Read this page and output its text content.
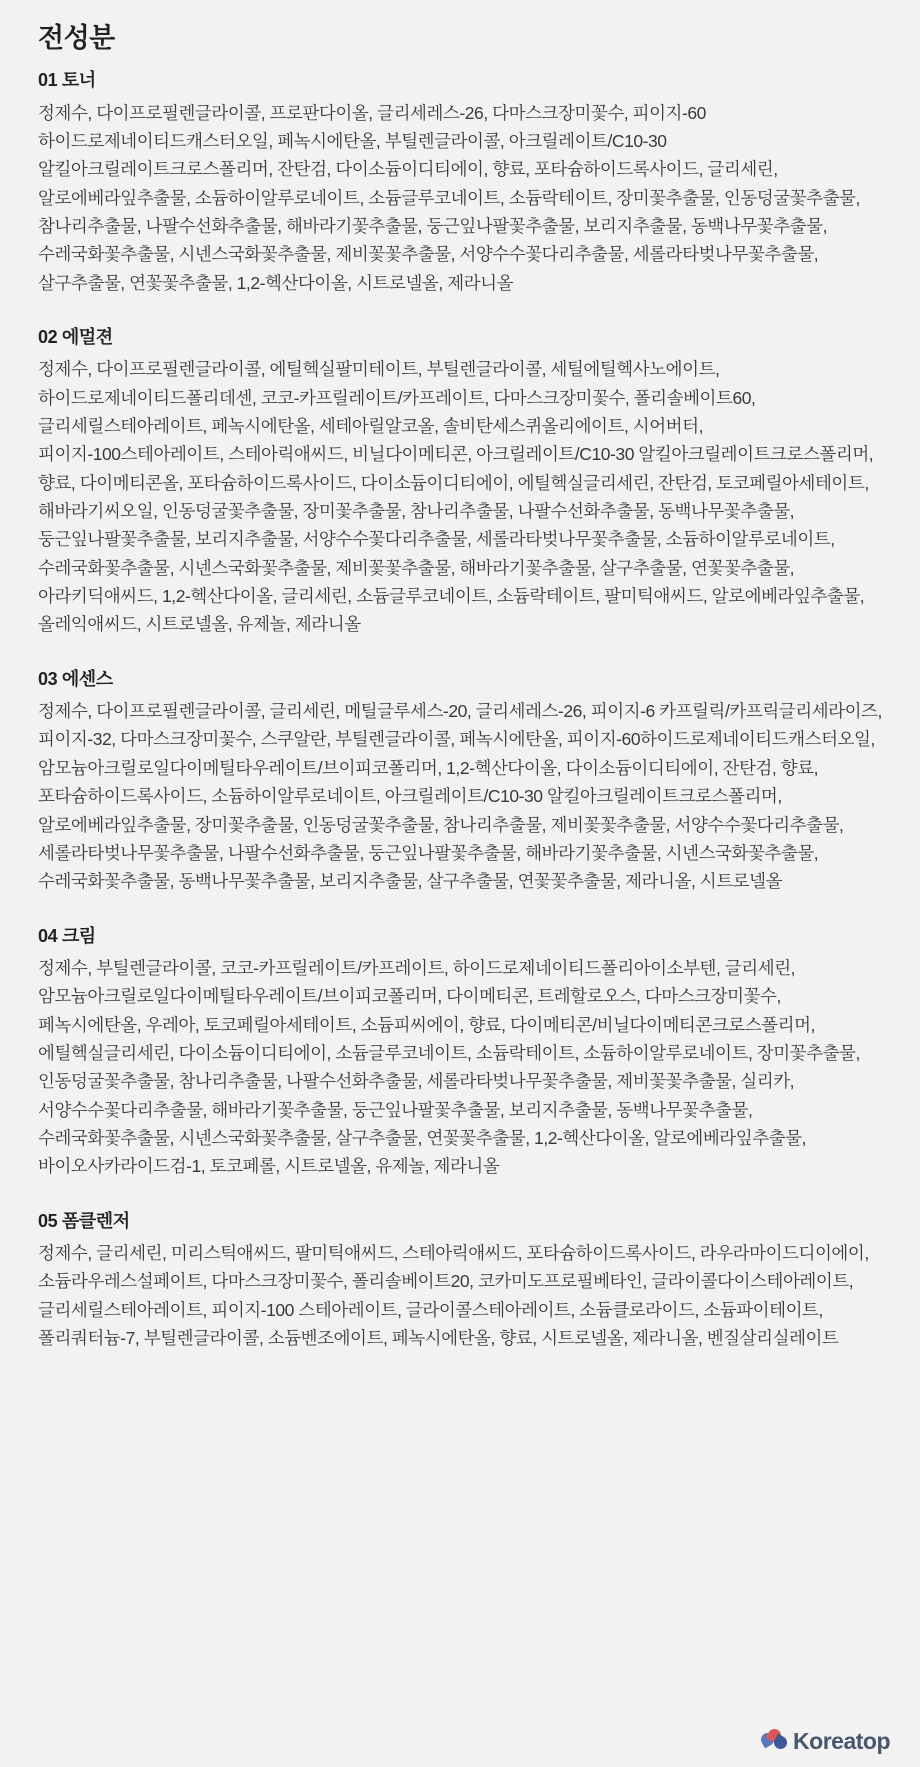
전성분
01 토너

정제수, 다이프로필렌글라이콜, 프로판다이올, 글리세레스-26, 다마스크장미꽃수, 피이지-60 하이드로제네이티드캐스터오일, 페녹시에탄올, 부틸렌글라이콜, 아크릴레이트/C10-30 알킬아크릴레이트크로스폴리머, 잔탄검, 다이소듐이디티에이, 향료, 포타슘하이드록사이드, 글리세린, 알로에베라잎추출물, 소듐하이알루로네이트, 소듐글루코네이트, 소듐락테이트, 장미꽃추출물, 인동덩굴꽃추출물, 참나리추출물, 나팔수선화추출물, 해바라기꽃추출물, 둥근잎나팔꽃추출물, 보리지추출물, 동백나무꽃추출물, 수레국화꽃추출물, 시넨스국화꽃추출물, 제비꽃꽃추출물, 서양수수꽃다리추출물, 세롤라타벚나무꽃추출물, 살구추출물, 연꽃꽃추출물, 1,2-헥산다이올, 시트로넬올, 제라니올

02 에멀젼

정제수, 다이프로필렌글라이콜, 에틸헥실팔미테이트, 부틸렌글라이콜, 세틸에틸헥사노에이트, 하이드로제네이티드폴리데센, 코코-카프릴레이트/카프레이트, 다마스크장미꽃수, 폴리솔베이트60, 글리세릴스테아레이트, 페녹시에탄올, 세테아릴알코올, 솔비탄세스퀴올리에이트, 시어버터, 피이지-100스테아레이트, 스테아릭애씨드, 비닐다이메티콘, 아크릴레이트/C10-30 알킬아크릴레이트크로스폴리머, 향료, 다이메티콘올, 포타슘하이드록사이드, 다이소듐이디티에이, 에틸헥실글리세린, 잔탄검, 토코페릴아세테이트, 해바라기씨오일, 인동덩굴꽃추출물, 장미꽃추출물, 참나리추출물, 나팔수선화추출물, 동백나무꽃추출물, 둥근잎나팔꽃추출물, 보리지추출물, 서양수수꽃다리추출물, 세롤라타벚나무꽃추출물, 소듐하이알루로네이트, 수레국화꽃추출물, 시넨스국화꽃추출물, 제비꽃꽃추출물, 해바라기꽃추출물, 살구추출물, 연꽃꽃추출물, 아라키딕애씨드, 1,2-헥산다이올, 글리세린, 소듐글루코네이트, 소듐락테이트, 팔미틱애씨드, 알로에베라잎추출물, 올레익애씨드, 시트로넬올, 유제놀, 제라니올

03 에센스

정제수, 다이프로필렌글라이콜, 글리세린, 메틸글루세스-20, 글리세레스-26, 피이지-6 카프릴릭/카프릭글리세라이즈, 피이지-32, 다마스크장미꽃수, 스쿠알란, 부틸렌글라이콜, 페녹시에탄올, 피이지-60하이드로제네이티드캐스터오일, 암모늄아크릴로일다이메틸타우레이트/브이피코폴리머, 1,2-헥산다이올, 다이소듐이디티에이, 잔탄검, 향료, 포타슘하이드록사이드, 소듐하이알루로네이트, 아크릴레이트/C10-30 알킬아크릴레이트크로스폴리머, 알로에베라잎추출물, 장미꽃추출물, 인동덩굴꽃추출물, 참나리추출물, 제비꽃꽃추출물, 서양수수꽃다리추출물, 세롤라타벚나무꽃추출물, 나팔수선화추출물, 둥근잎나팔꽃추출물, 해바라기꽃추출물, 시넨스국화꽃추출물, 수레국화꽃추출물, 동백나무꽃추출물, 보리지추출물, 살구추출물, 연꽃꽃추출물, 제라니올, 시트로넬올

04 크림

정제수, 부틸렌글라이콜, 코코-카프릴레이트/카프레이트, 하이드로제네이티드폴리아이소부텐, 글리세린, 암모늄아크릴로일다이메틸타우레이트/브이피코폴리머, 다이메티콘, 트레할로오스, 다마스크장미꽃수, 페녹시에탄올, 우레아, 토코페릴아세테이트, 소듐피씨에이, 향료, 다이메티콘/비닐다이메티콘크로스폴리머, 에틸헥실글리세린, 다이소듐이디티에이, 소듐글루코네이트, 소듐락테이트, 소듐하이알루로네이트, 장미꽃추출물, 인동덩굴꽃추출물, 참나리추출물, 나팔수선화추출물, 세롤라타벚나무꽃추출물, 제비꽃꽃추출물, 실리카, 서양수수꽃다리추출물, 해바라기꽃추출물, 둥근잎나팔꽃추출물, 보리지추출물, 동백나무꽃추출물, 수레국화꽃추출물, 시넨스국화꽃추출물, 살구추출물, 연꽃꽃추출물, 1,2-헥산다이올, 알로에베라잎추출물, 바이오사카라이드검-1, 토코페롤, 시트로넬올, 유제놀, 제라니올

05 폼클렌저

정제수, 글리세린, 미리스틱애씨드, 팔미틱애씨드, 스테아릭애씨드, 포타슘하이드록사이드, 라우라마이드디이에이, 소듐라우레스설페이트, 다마스크장미꽃수, 폴리솔베이트20, 코카미도프로필베타인, 글라이콜다이스테아레이트, 글리세릴스테아레이트, 피이지-100 스테아레이트, 글라이콜스테아레이트, 소듐클로라이드, 소듐파이테이트, 폴리쿼터늄-7, 부틸렌글라이콜, 소듐벤조에이트, 페녹시에탄올, 향료, 시트로넬올, 제라니올, 벤질살리실레이트

Koreatop
